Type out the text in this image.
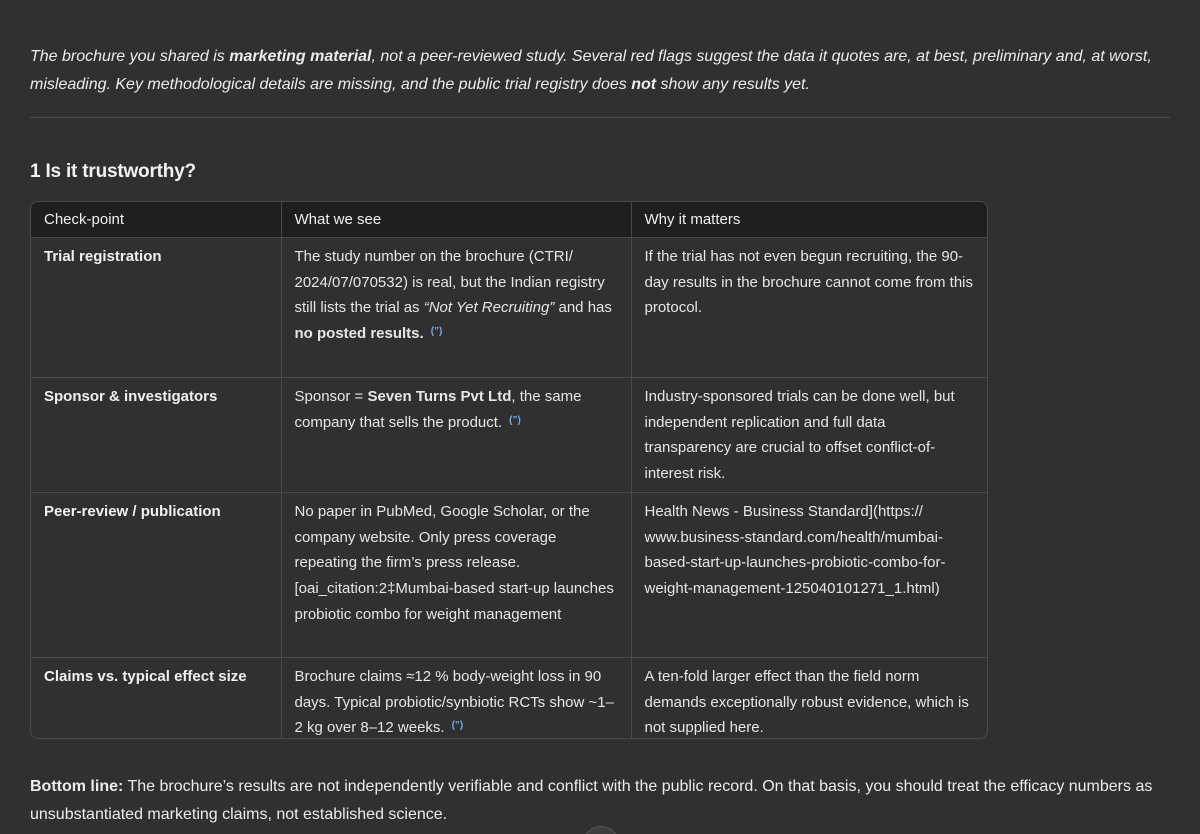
The brochure you shared is marketing material, not a peer-reviewed study. Several red flags suggest the data it quotes are, at best, preliminary and, at worst, misleading. Key methodological details are missing, and the public trial registry does not show any results yet.

1 Is it trustworthy?
Check-point	What we see	Why it matters
Trial registration	The study number on the brochure (CTRI/ 2024/07/070532) is real, but the Indian registry still lists the trial as “Not Yet Recruiting” and has no posted results. (”)	If the trial has not even begun recruiting, the 90-day results in the brochure cannot come from this protocol.
Sponsor & investigators	Sponsor = Seven Turns Pvt Ltd, the same company that sells the product. (”)	Industry-sponsored trials can be done well, but independent replication and full data transparency are crucial to offset conflict-of-interest risk.
Peer-review / publication	No paper in PubMed, Google Scholar, or the company website. Only press coverage repeating the firm’s press release. [oai_citation:2‡Mumbai-based start-up launches probiotic combo for weight management	Health News - Business Standard](https:// www.business-standard.com/health/mumbai-based-start-up-launches-probiotic-combo-for-weight-management-125040101271_1.html)
Claims vs. typical effect size	Brochure claims ≈12 % body-weight loss in 90 days. Typical probiotic/synbiotic RCTs show ~1–2 kg over 8–12 weeks. (”)	A ten-fold larger effect than the field norm demands exceptionally robust evidence, which is not supplied here.

Bottom line: The brochure’s results are not independently verifiable and conflict with the public record. On that basis, you should treat the efficacy numbers as unsubstantiated marketing claims, not established science.
